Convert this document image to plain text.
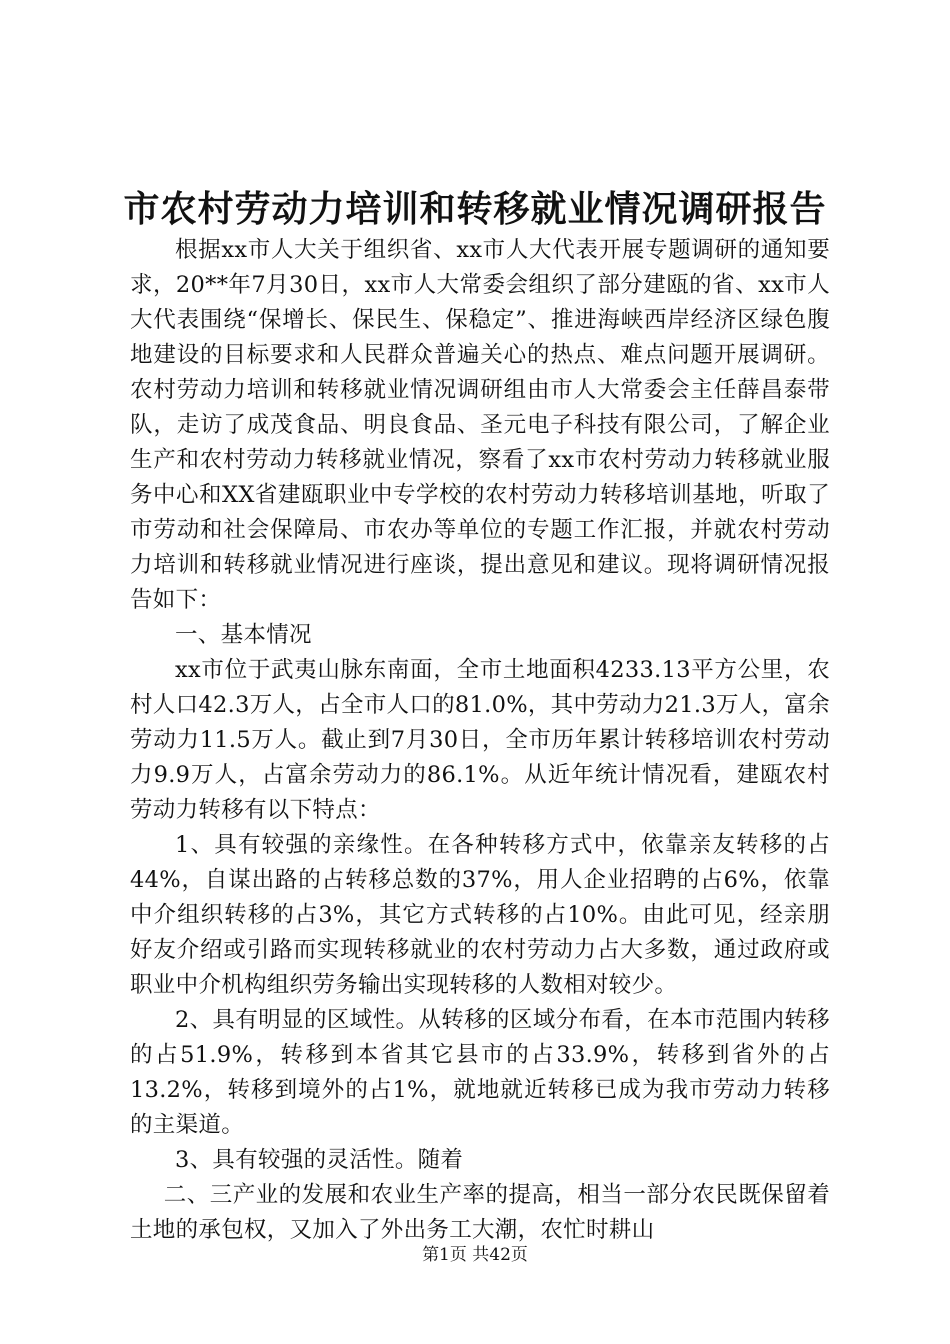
市农村劳动力培训和转移就业情况调研报告

根据xx市人大关于组织省、xx市人大代表开展专题调研的通知要求，20**年7月30日，xx市人大常委会组织了部分建瓯的省、xx市人大代表围绕“保增长、保民生、保稳定”、推进海峡西岸经济区绿色腹地建设的目标要求和人民群众普遍关心的热点、难点问题开展调研。农村劳动力培训和转移就业情况调研组由市人大常委会主任薛昌泰带队，走访了成茂食品、明良食品、圣元电子科技有限公司，了解企业生产和农村劳动力转移就业情况，察看了xx市农村劳动力转移就业服务中心和XX省建瓯职业中专学校的农村劳动力转移培训基地，听取了市劳动和社会保障局、市农办等单位的专题工作汇报，并就农村劳动力培训和转移就业情况进行座谈，提出意见和建议。现将调研情况报告如下：

一、基本情况

xx市位于武夷山脉东南面，全市土地面积4233.13平方公里，农村人口42.3万人，占全市人口的81.0%，其中劳动力21.3万人，富余劳动力11.5万人。截止到7月30日，全市历年累计转移培训农村劳动力9.9万人，占富余劳动力的86.1%。从近年统计情况看，建瓯农村劳动力转移有以下特点：

1、具有较强的亲缘性。在各种转移方式中，依靠亲友转移的占44%，自谋出路的占转移总数的37%，用人企业招聘的占6%，依靠中介组织转移的占3%，其它方式转移的占10%。由此可见，经亲朋好友介绍或引路而实现转移就业的农村劳动力占大多数，通过政府或职业中介机构组织劳务输出实现转移的人数相对较少。

2、具有明显的区域性。从转移的区域分布看，在本市范围内转移的占51.9%，转移到本省其它县市的占33.9%，转移到省外的占13.2%，转移到境外的占1%，就地就近转移已成为我市劳动力转移的主渠道。

3、具有较强的灵活性。随着

二、三产业的发展和农业生产率的提高，相当一部分农民既保留着土地的承包权，又加入了外出务工大潮，农忙时耕山

第1页 共42页
